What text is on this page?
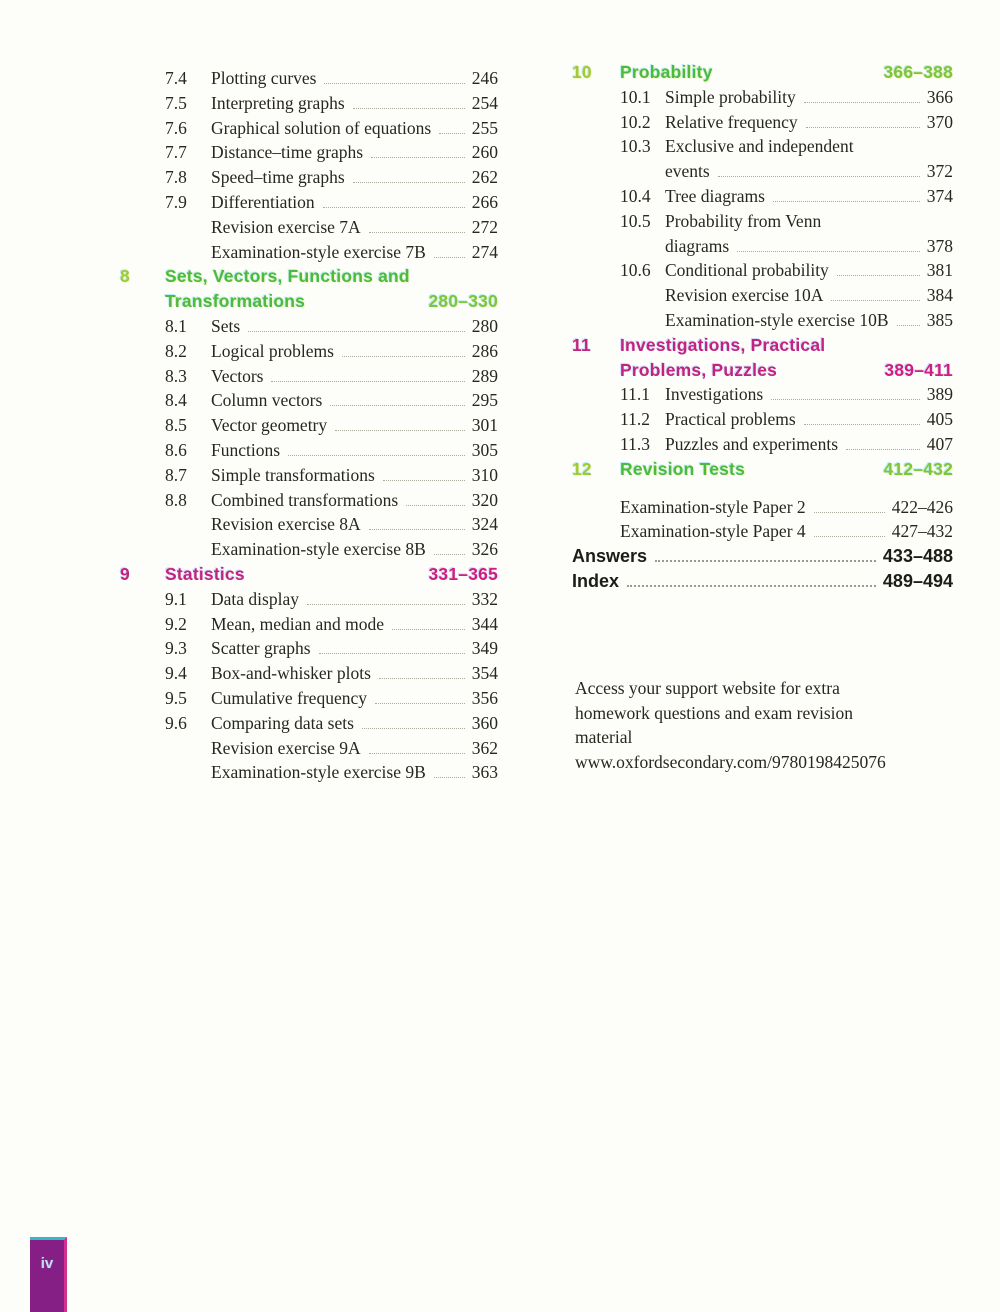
7.4	Plotting curves	246
7.5	Interpreting graphs	254
7.6	Graphical solution of equations 255
7.7	Distance–time graphs	260
7.8	Speed–time graphs	262
7.9	Differentiation	266
Revision exercise 7A	272
Examination-style exercise 7B	274
8	Sets, Vectors, Functions and
Transformations	280–330
8.1	Sets	280
8.2	Logical problems	286
8.3	Vectors	289
8.4	Column vectors	295
8.5	Vector geometry	301
8.6	Functions	305
8.7	Simple transformations	310
8.8	Combined transformations	320
Revision exercise 8A	324
Examination-style exercise 8B	326
9	Statistics	331–365
9.1	Data display	332
9.2	Mean, median and mode	344
9.3	Scatter graphs	349
9.4	Box-and-whisker plots	354
9.5	Cumulative frequency	356
9.6	Comparing data sets	360
Revision exercise 9A	362
Examination-style exercise 9B	363
10	Probability	366–388
10.1 Simple probability	366
10.2 Relative frequency	370
10.3 Exclusive and independent
events	372
10.4 Tree diagrams	374
10.5 Probability from Venn
diagrams	378
10.6 Conditional probability	381
Revision exercise 10A	384
Examination-style exercise 10B 385
11	Investigations, Practical
Problems, Puzzles	389–411
11.1 Investigations	389
11.2 Practical problems	405
11.3 Puzzles and experiments	407
12	Revision Tests	412–432
Examination-style Paper 2	422–426
Examination-style Paper 4	427–432
Answers	433–488
Index	489–494
Access your support website for extra
homework questions and exam revision
material
www.oxfordsecondary.com/9780198425076
iv
